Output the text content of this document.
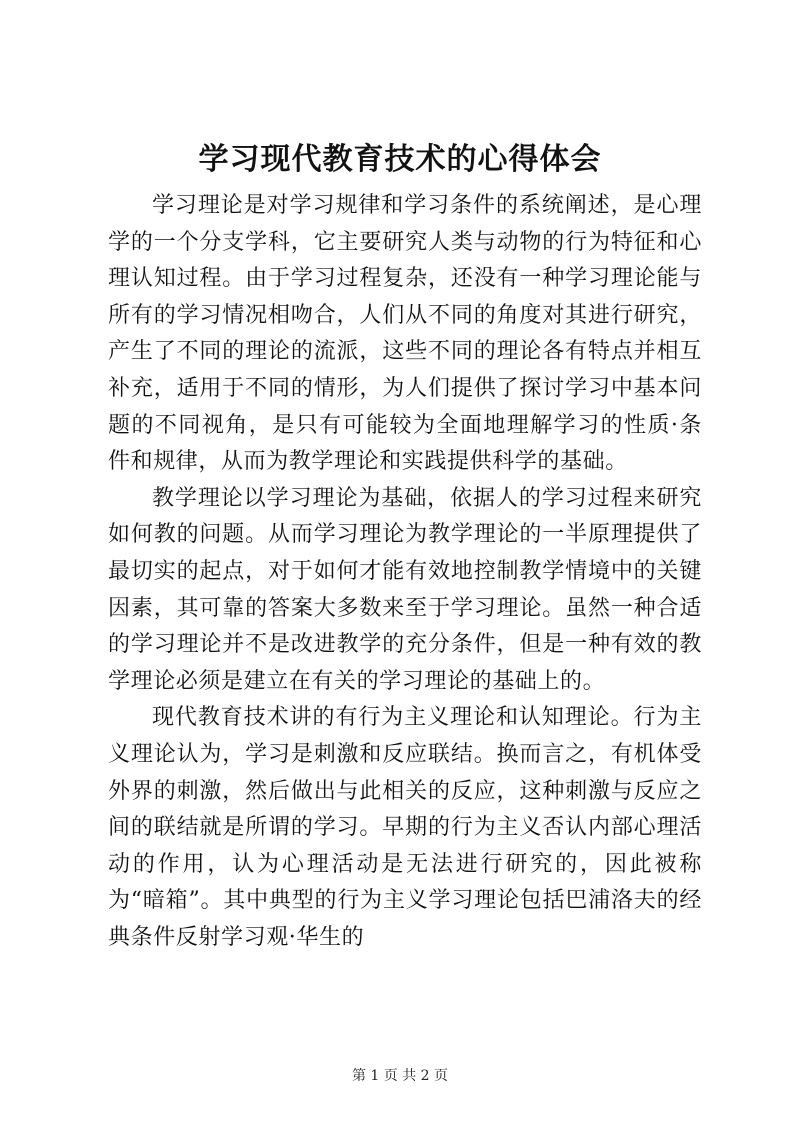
学习现代教育技术的心得体会

学习理论是对学习规律和学习条件的系统阐述，是心理学的一个分支学科，它主要研究人类与动物的行为特征和心理认知过程。由于学习过程复杂，还没有一种学习理论能与所有的学习情况相吻合，人们从不同的角度对其进行研究，产生了不同的理论的流派，这些不同的理论各有特点并相互补充，适用于不同的情形，为人们提供了探讨学习中基本问题的不同视角，是只有可能较为全面地理解学习的性质·条件和规律，从而为教学理论和实践提供科学的基础。

教学理论以学习理论为基础，依据人的学习过程来研究如何教的问题。从而学习理论为教学理论的一半原理提供了最切实的起点，对于如何才能有效地控制教学情境中的关键因素，其可靠的答案大多数来至于学习理论。虽然一种合适的学习理论并不是改进教学的充分条件，但是一种有效的教学理论必须是建立在有关的学习理论的基础上的。

现代教育技术讲的有行为主义理论和认知理论。行为主义理论认为，学习是刺激和反应联结。换而言之，有机体受外界的刺激，然后做出与此相关的反应，这种刺激与反应之间的联结就是所谓的学习。早期的行为主义否认内部心理活动的作用，认为心理活动是无法进行研究的，因此被称为“暗箱”。其中典型的行为主义学习理论包括巴浦洛夫的经典条件反射学习观·华生的

第 1 页 共 2 页
